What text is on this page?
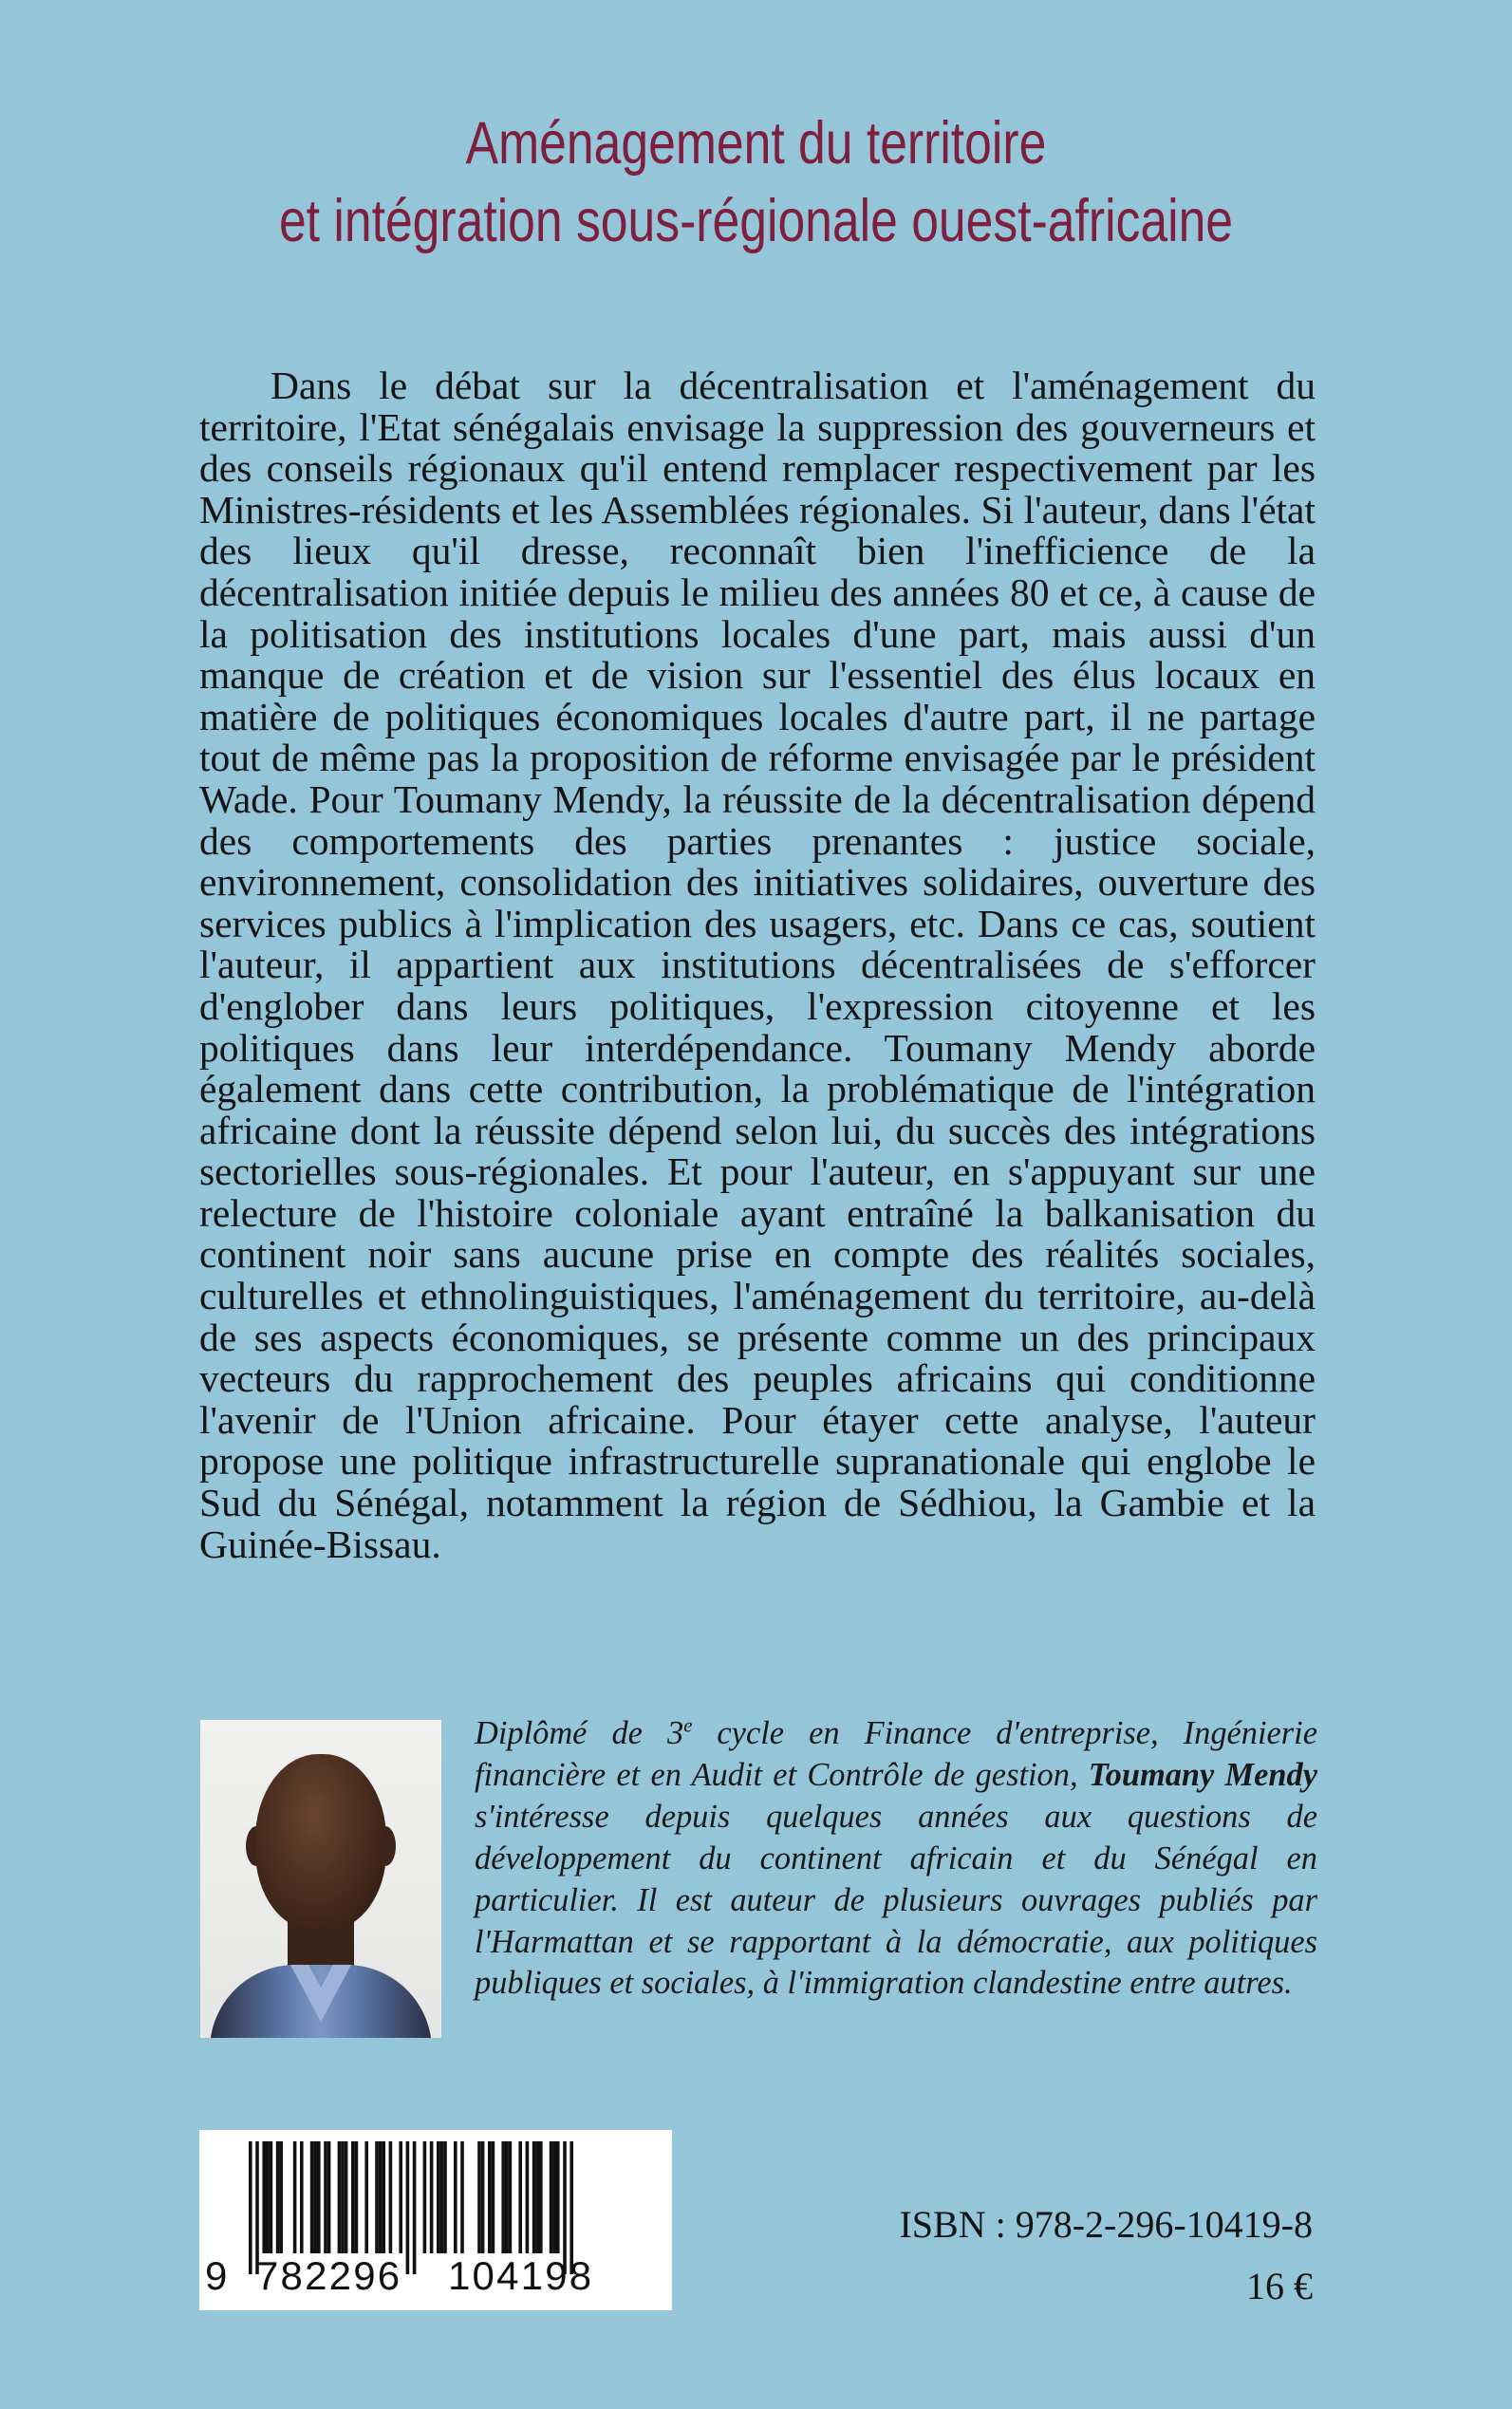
Aménagement du territoire
et intégration sous-régionale ouest-africaine

Dans le débat sur la décentralisation et l'aménagement du territoire, l'Etat sénégalais envisage la suppression des gouverneurs et des conseils régionaux qu'il entend remplacer respectivement par les Ministres-résidents et les Assemblées régionales. Si l'auteur, dans l'état des lieux qu'il dresse, reconnaît bien l'inefficience de la décentralisation initiée depuis le milieu des années 80 et ce, à cause de la politisation des institutions locales d'une part, mais aussi d'un manque de création et de vision sur l'essentiel des élus locaux en matière de politiques économiques locales d'autre part, il ne partage tout de même pas la proposition de réforme envisagée par le président Wade. Pour Toumany Mendy, la réussite de la décentralisation dépend des comportements des parties prenantes : justice sociale, environnement, consolidation des initiatives solidaires, ouverture des services publics à l'implication des usagers, etc. Dans ce cas, soutient l'auteur, il appartient aux institutions décentralisées de s'efforcer d'englober dans leurs politiques, l'expression citoyenne et les politiques dans leur interdépendance. Toumany Mendy aborde également dans cette contribution, la problématique de l'intégration africaine dont la réussite dépend selon lui, du succès des intégrations sectorielles sous-régionales. Et pour l'auteur, en s'appuyant sur une relecture de l'histoire coloniale ayant entraîné la balkanisation du continent noir sans aucune prise en compte des réalités sociales, culturelles et ethnolinguistiques, l'aménagement du territoire, au-delà de ses aspects économiques, se présente comme un des principaux vecteurs du rapprochement des peuples africains qui conditionne l'avenir de l'Union africaine. Pour étayer cette analyse, l'auteur propose une politique infrastructurelle supranationale qui englobe le Sud du Sénégal, notamment la région de Sédhiou, la Gambie et la Guinée-Bissau.

Diplômé de 3e cycle en Finance d'entreprise, Ingénierie financière et en Audit et Contrôle de gestion, Toumany Mendy s'intéresse depuis quelques années aux questions de développement du continent africain et du Sénégal en particulier. Il est auteur de plusieurs ouvrages publiés par l'Harmattan et se rapportant à la démocratie, aux politiques publiques et sociales, à l'immigration clandestine entre autres.

9 782296 104198
ISBN : 978-2-296-10419-8
16 €
